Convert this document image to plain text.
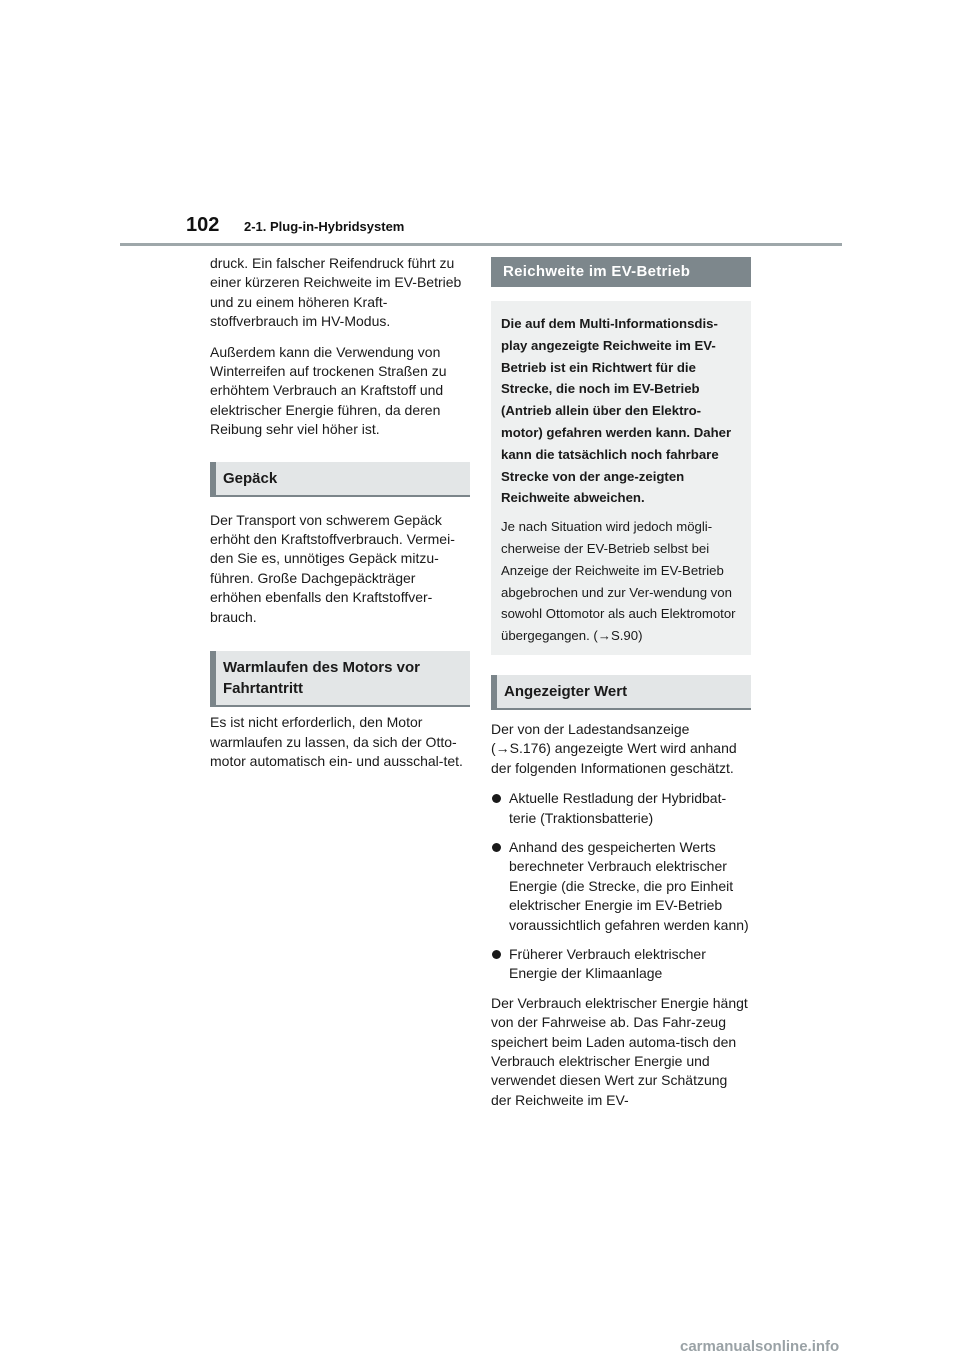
102 2-1. Plug-in-Hybridsystem

druck. Ein falscher Reifendruck führt zu einer kürzeren Reichweite im EV-Betrieb und zu einem höheren Kraft-stoffverbrauch im HV-Modus.

Außerdem kann die Verwendung von Winterreifen auf trockenen Straßen zu erhöhtem Verbrauch an Kraftstoff und elektrischer Energie führen, da deren Reibung sehr viel höher ist.

Gepäck

Der Transport von schwerem Gepäck erhöht den Kraftstoffverbrauch. Vermei-den Sie es, unnötiges Gepäck mitzu-führen. Große Dachgepäckträger erhöhen ebenfalls den Kraftstoffver-brauch.

Warmlaufen des Motors vor Fahrtantritt

Es ist nicht erforderlich, den Motor warmlaufen zu lassen, da sich der Otto-motor automatisch ein- und ausschal-tet.

Reichweite im EV-Betrieb

Die auf dem Multi-Informationsdis-play angezeigte Reichweite im EV-Betrieb ist ein Richtwert für die Strecke, die noch im EV-Betrieb (Antrieb allein über den Elektro-motor) gefahren werden kann. Daher kann die tatsächlich noch fahrbare Strecke von der ange-zeigten Reichweite abweichen.

Je nach Situation wird jedoch mögli-cherweise der EV-Betrieb selbst bei Anzeige der Reichweite im EV-Betrieb abgebrochen und zur Ver-wendung von sowohl Ottomotor als auch Elektromotor übergegangen. (→S.90)

Angezeigter Wert

Der von der Ladestandsanzeige (→S.176) angezeigte Wert wird anhand der folgenden Informationen geschätzt.

Aktuelle Restladung der Hybridbat-terie (Traktionsbatterie)
Anhand des gespeicherten Werts berechneter Verbrauch elektrischer Energie (die Strecke, die pro Einheit elektrischer Energie im EV-Betrieb voraussichtlich gefahren werden kann)
Früherer Verbrauch elektrischer Energie der Klimaanlage

Der Verbrauch elektrischer Energie hängt von der Fahrweise ab. Das Fahr-zeug speichert beim Laden automa-tisch den Verbrauch elektrischer Energie und verwendet diesen Wert zur Schätzung der Reichweite im EV-

carmanualsonline.info
